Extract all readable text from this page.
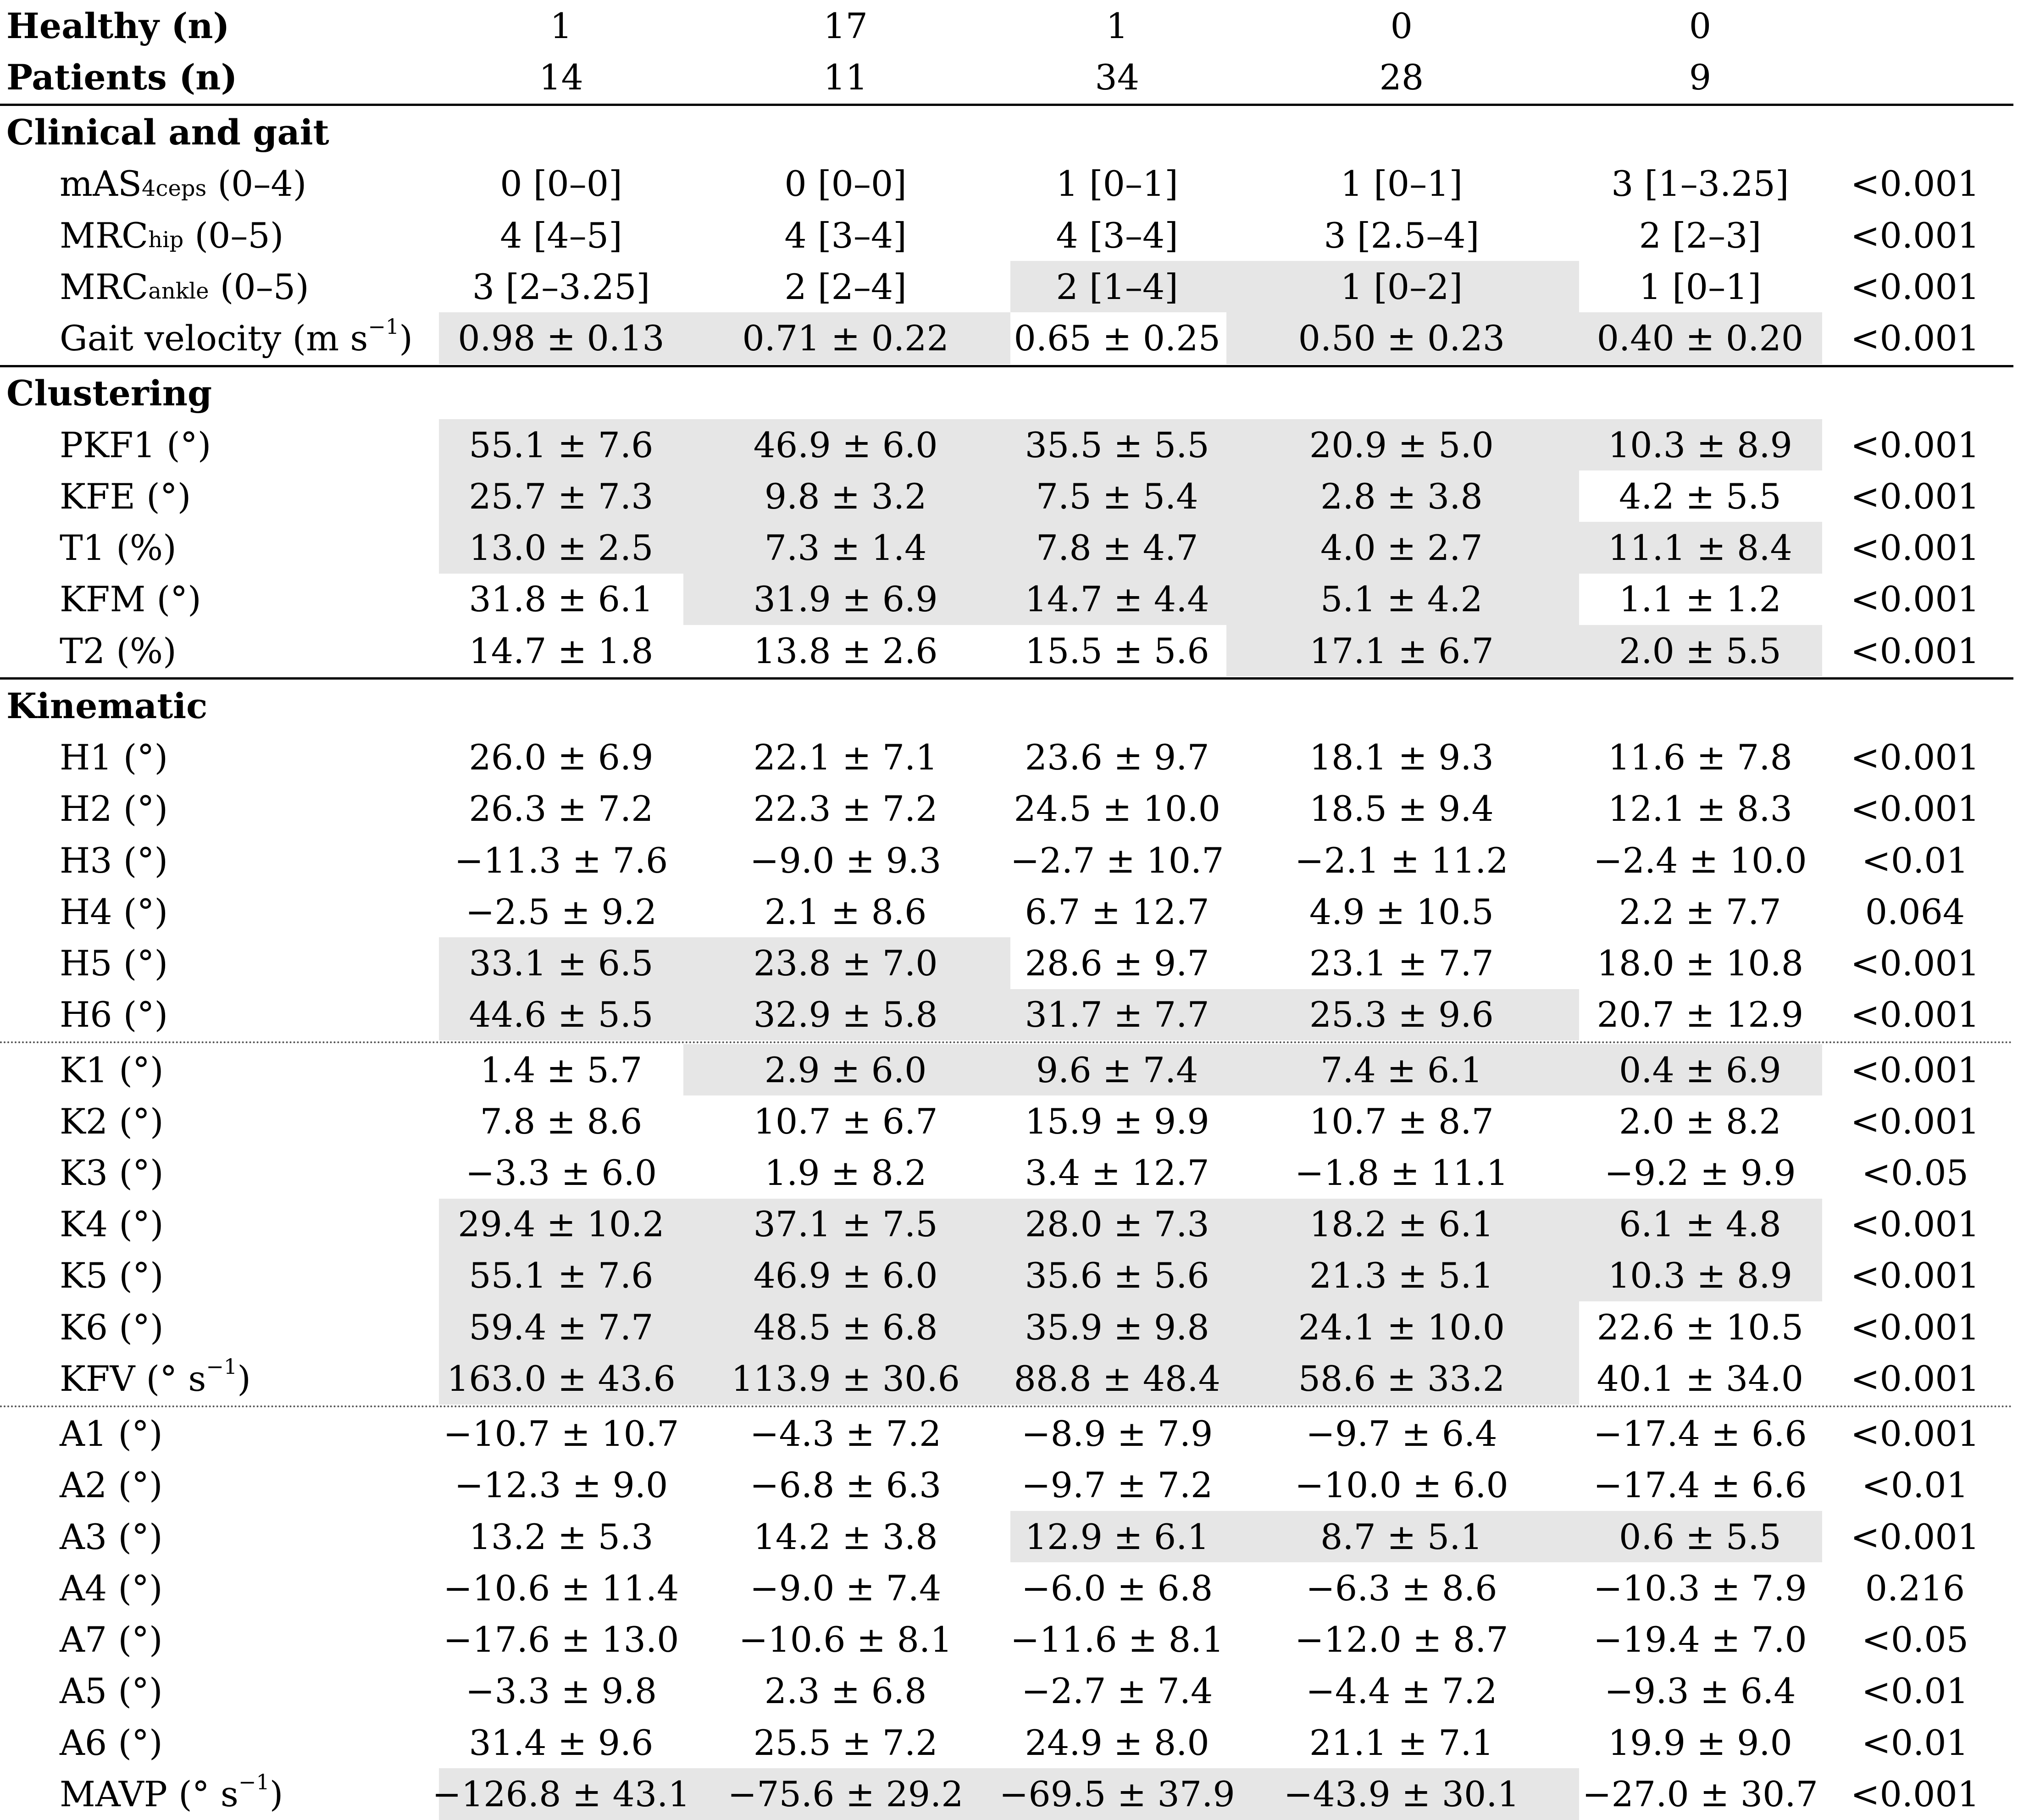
Healthy (n)	1	17	1	0	0
Patients (n)	14	11	34	28	9
Clinical and gait
mAS 4ceps (0–4)	0 [0–0]	0 [0–0]	1 [0–1]	1 [0–1]	3 [1–3.25]	<0.001
MRC hip (0–5)	4 [4–5]	4 [3–4]	4 [3–4]	3 [2.5–4]	2 [2–3]	<0.001
MRC ankle (0–5)	3 [2–3.25]	2 [2–4]	2 [1–4]	1 [0–2]	1 [0–1]	<0.001
Gait velocity (m s −1 )	0.98 ± 0.13	0.71 ± 0.22	0.65 ± 0.25	0.50 ± 0.23	0.40 ± 0.20	<0.001
Clustering
PKF1 (°)	55.1 ± 7.6	46.9 ± 6.0	35.5 ± 5.5	20.9 ± 5.0	10.3 ± 8.9	<0.001
KFE (°)	25.7 ± 7.3	9.8 ± 3.2	7.5 ± 5.4	2.8 ± 3.8	4.2 ± 5.5	<0.001
T1 (%)	13.0 ± 2.5	7.3 ± 1.4	7.8 ± 4.7	4.0 ± 2.7	11.1 ± 8.4	<0.001
KFM (°)	31.8 ± 6.1	31.9 ± 6.9	14.7 ± 4.4	5.1 ± 4.2	1.1 ± 1.2	<0.001
T2 (%)	14.7 ± 1.8	13.8 ± 2.6	15.5 ± 5.6	17.1 ± 6.7	2.0 ± 5.5	<0.001
Kinematic
H1 (°)	26.0 ± 6.9	22.1 ± 7.1	23.6 ± 9.7	18.1 ± 9.3	11.6 ± 7.8	<0.001
H2 (°)	26.3 ± 7.2	22.3 ± 7.2	24.5 ± 10.0	18.5 ± 9.4	12.1 ± 8.3	<0.001
H3 (°)	−11.3 ± 7.6	−9.0 ± 9.3	−2.7 ± 10.7	−2.1 ± 11.2	−2.4 ± 10.0	<0.01
H4 (°)	−2.5 ± 9.2	2.1 ± 8.6	6.7 ± 12.7	4.9 ± 10.5	2.2 ± 7.7	0.064
H5 (°)	33.1 ± 6.5	23.8 ± 7.0	28.6 ± 9.7	23.1 ± 7.7	18.0 ± 10.8	<0.001
H6 (°)	44.6 ± 5.5	32.9 ± 5.8	31.7 ± 7.7	25.3 ± 9.6	20.7 ± 12.9	<0.001
K1 (°)	1.4 ± 5.7	2.9 ± 6.0	9.6 ± 7.4	7.4 ± 6.1	0.4 ± 6.9	<0.001
K2 (°)	7.8 ± 8.6	10.7 ± 6.7	15.9 ± 9.9	10.7 ± 8.7	2.0 ± 8.2	<0.001
K3 (°)	−3.3 ± 6.0	1.9 ± 8.2	3.4 ± 12.7	−1.8 ± 11.1	−9.2 ± 9.9	<0.05
K4 (°)	29.4 ± 10.2	37.1 ± 7.5	28.0 ± 7.3	18.2 ± 6.1	6.1 ± 4.8	<0.001
K5 (°)	55.1 ± 7.6	46.9 ± 6.0	35.6 ± 5.6	21.3 ± 5.1	10.3 ± 8.9	<0.001
K6 (°)	59.4 ± 7.7	48.5 ± 6.8	35.9 ± 9.8	24.1 ± 10.0	22.6 ± 10.5	<0.001
KFV (° s −1 )	163.0 ± 43.6	113.9 ± 30.6	88.8 ± 48.4	58.6 ± 33.2	40.1 ± 34.0	<0.001
A1 (°)	−10.7 ± 10.7	−4.3 ± 7.2	−8.9 ± 7.9	−9.7 ± 6.4	−17.4 ± 6.6	<0.001
A2 (°)	−12.3 ± 9.0	−6.8 ± 6.3	−9.7 ± 7.2	−10.0 ± 6.0	−17.4 ± 6.6	<0.01
A3 (°)	13.2 ± 5.3	14.2 ± 3.8	12.9 ± 6.1	8.7 ± 5.1	0.6 ± 5.5	<0.001
A4 (°)	−10.6 ± 11.4	−9.0 ± 7.4	−6.0 ± 6.8	−6.3 ± 8.6	−10.3 ± 7.9	0.216
A7 (°)	−17.6 ± 13.0	−10.6 ± 8.1	−11.6 ± 8.1	−12.0 ± 8.7	−19.4 ± 7.0	<0.05
A5 (°)	−3.3 ± 9.8	2.3 ± 6.8	−2.7 ± 7.4	−4.4 ± 7.2	−9.3 ± 6.4	<0.01
A6 (°)	31.4 ± 9.6	25.5 ± 7.2	24.9 ± 8.0	21.1 ± 7.1	19.9 ± 9.0	<0.01
MAVP (° s −1 )	−126.8 ± 43.1	−75.6 ± 29.2	−69.5 ± 37.9	−43.9 ± 30.1	−27.0 ± 30.7 <0.001
